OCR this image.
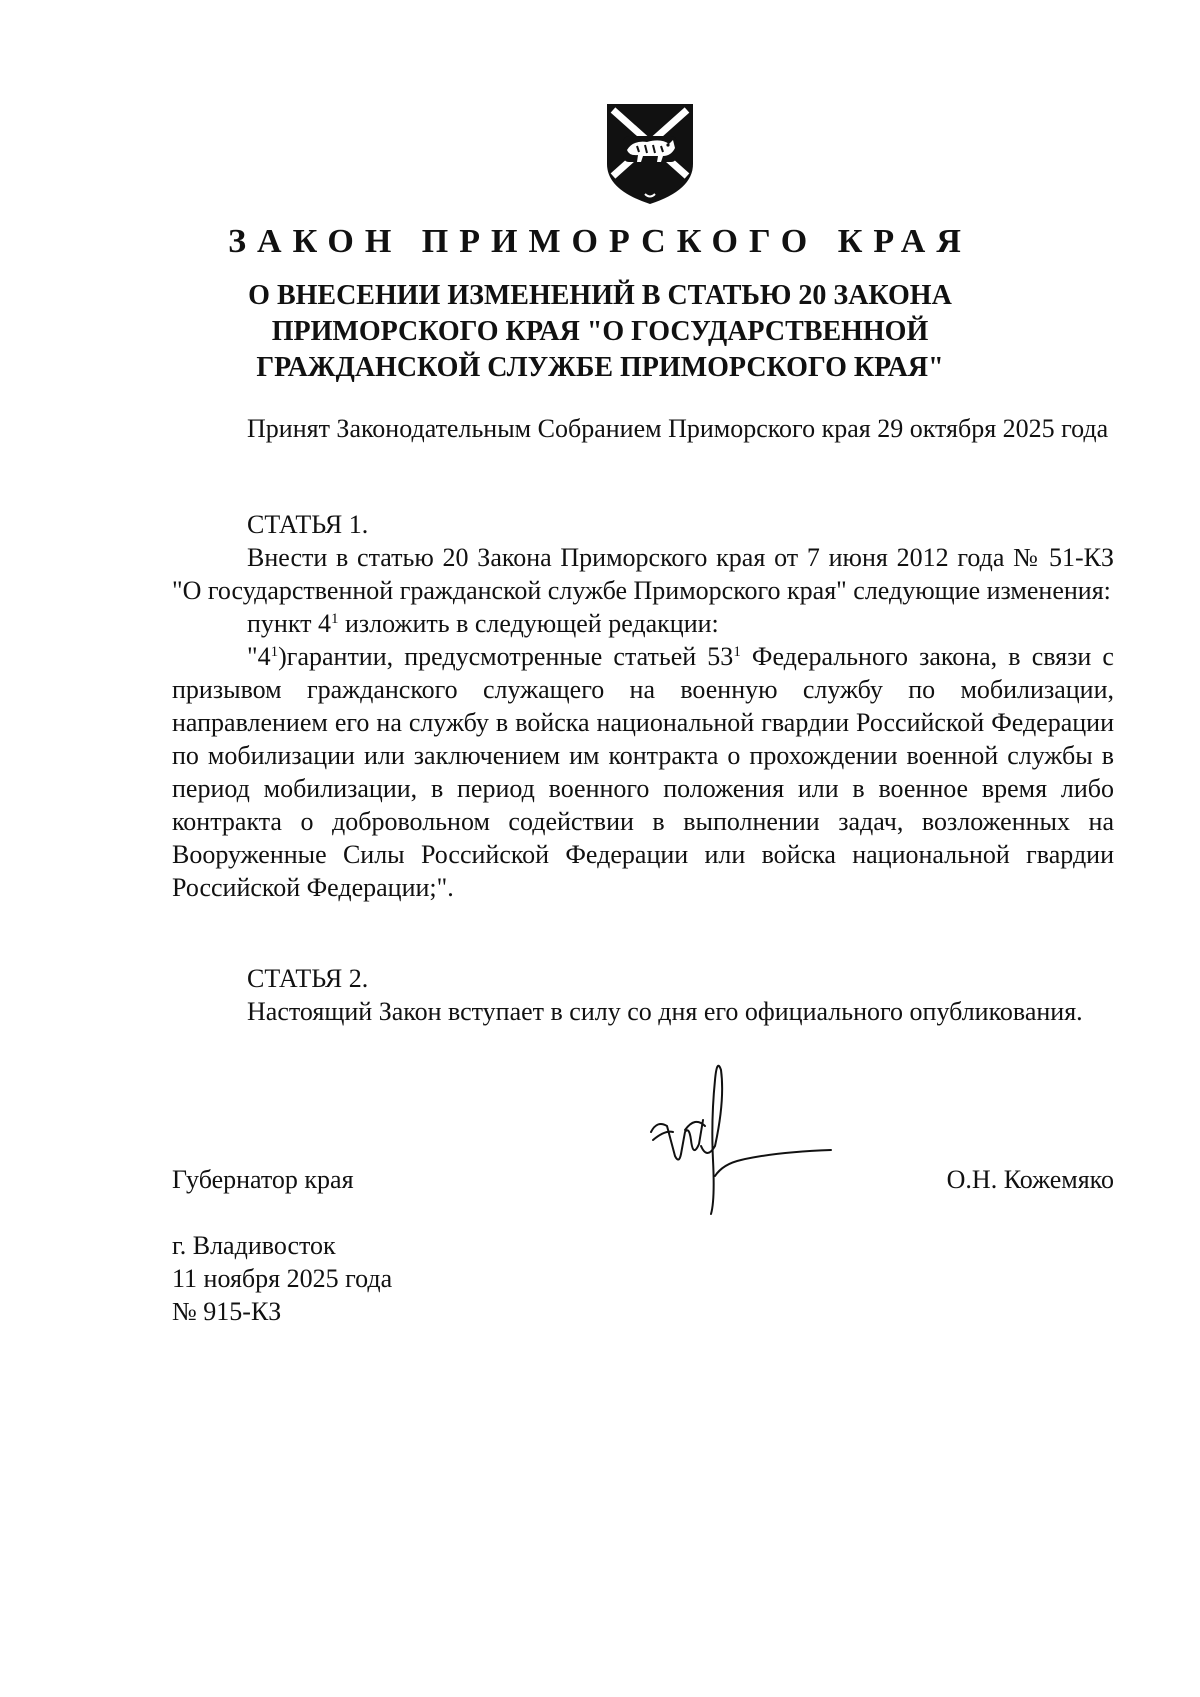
ЗАКОН ПРИМОРСКОГО КРАЯ
О ВНЕСЕНИИ ИЗМЕНЕНИЙ В СТАТЬЮ 20 ЗАКОНА
ПРИМОРСКОГО КРАЯ "О ГОСУДАРСТВЕННОЙ
ГРАЖДАНСКОЙ СЛУЖБЕ ПРИМОРСКОГО КРАЯ"

Принят Законодательным Собранием Приморского края 29 октября 2025 года

СТАТЬЯ 1.

Внести в статью 20 Закона Приморского края от 7 июня 2012 года № 51-КЗ "О государственной гражданской службе Приморского края" следующие изменения:

пункт $4^1$ изложить в следующей редакции:

"$4^1)гарантии$, предусмотренные статьей $53^1$ Федерального закона, в связи с призывом гражданского служащего на военную службу по мобилизации, направлением его на службу в войска национальной гвардии Российской Федерации по мобилизации или заключением им контракта о прохождении военной службы в период мобилизации, в период военного положения или в военное время либо контракта о добровольном содействии в выполнении задач, возложенных на Вооруженные Силы Российской Федерации или войска национальной гвардии Российской Федерации;".

СТАТЬЯ 2.

Настоящий Закон вступает в силу со дня его официального опубликования.

Губернатор края	О.Н. Кожемяко
г. Владивосток
11 ноября 2025 года
№ 915-КЗ
